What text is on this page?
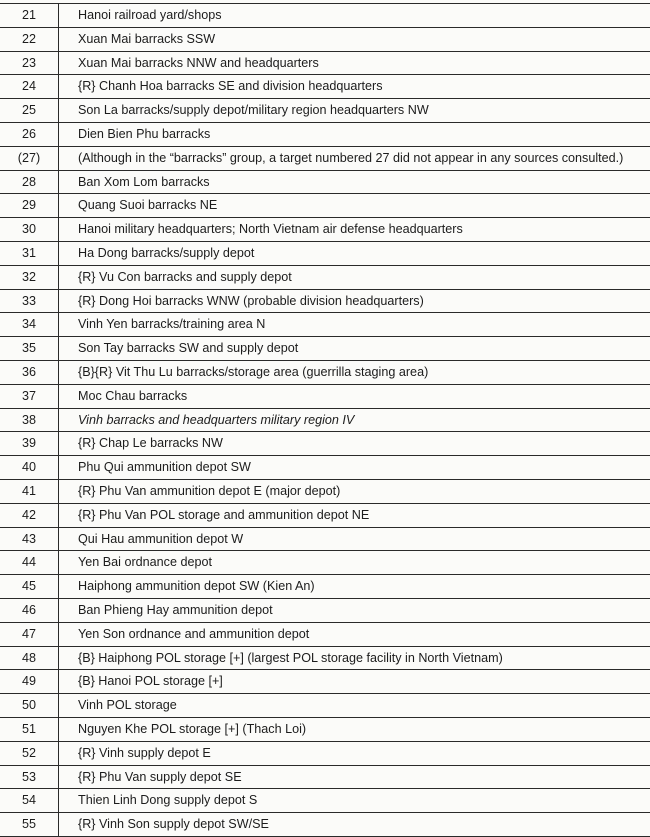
21	Hanoi railroad yard/shops
22	Xuan Mai barracks SSW
23	Xuan Mai barracks NNW and headquarters
24	{R} Chanh Hoa barracks SE and division headquarters
25	Son La barracks/supply depot/military region headquarters NW
26	Dien Bien Phu barracks
(27)	(Although in the “barracks” group, a target numbered 27 did not appear in any sources consulted.)
28	Ban Xom Lom barracks
29	Quang Suoi barracks NE
30	Hanoi military headquarters; North Vietnam air defense headquarters
31	Ha Dong barracks/supply depot
32	{R} Vu Con barracks and supply depot
33	{R} Dong Hoi barracks WNW (probable division headquarters)
34	Vinh Yen barracks/training area N
35	Son Tay barracks SW and supply depot
36	{B}{R} Vit Thu Lu barracks/storage area (guerrilla staging area)
37	Moc Chau barracks
38	Vinh barracks and headquarters military region IV
39	{R} Chap Le barracks NW
40	Phu Qui ammunition depot SW
41	{R} Phu Van ammunition depot E (major depot)
42	{R} Phu Van POL storage and ammunition depot NE
43	Qui Hau ammunition depot W
44	Yen Bai ordnance depot
45	Haiphong ammunition depot SW (Kien An)
46	Ban Phieng Hay ammunition depot
47	Yen Son ordnance and ammunition depot
48	{B} Haiphong POL storage [+] (largest POL storage facility in North Vietnam)
49	{B} Hanoi POL storage [+]
50	Vinh POL storage
51	Nguyen Khe POL storage [+] (Thach Loi)
52	{R} Vinh supply depot E
53	{R} Phu Van supply depot SE
54	Thien Linh Dong supply depot S
55	{R} Vinh Son supply depot SW/SE
